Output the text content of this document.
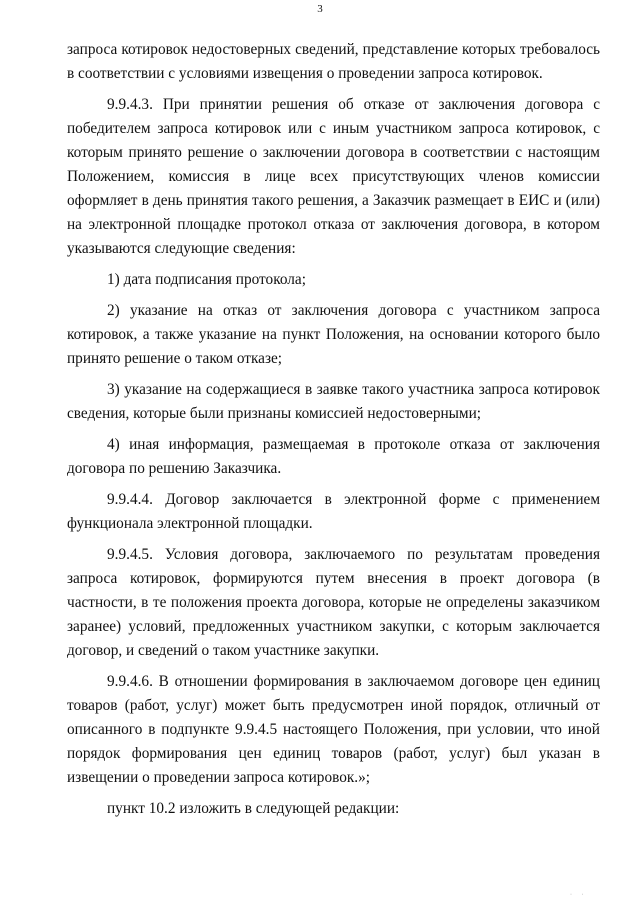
3

запроса котировок недостоверных сведений, представление которых требовалось в соответствии с условиями извещения о проведении запроса котировок.

9.9.4.3. При принятии решения об отказе от заключения договора с победителем запроса котировок или с иным участником запроса котировок, с которым принято решение о заключении договора в соответствии с настоящим Положением, комиссия в лице всех присутствующих членов комиссии оформляет в день принятия такого решения, а Заказчик размещает в ЕИС и (или) на электронной площадке протокол отказа от заключения договора, в котором указываются следующие сведения:

1) дата подписания протокола;

2) указание на отказ от заключения договора с участником запроса котировок, а также указание на пункт Положения, на основании которого было принято решение о таком отказе;

3) указание на содержащиеся в заявке такого участника запроса котировок сведения, которые были признаны комиссией недостоверными;

4) иная информация, размещаемая в протоколе отказа от заключения договора по решению Заказчика.

9.9.4.4. Договор заключается в электронной форме с применением функционала электронной площадки.

9.9.4.5. Условия договора, заключаемого по результатам проведения запроса котировок, формируются путем внесения в проект договора (в частности, в те положения проекта договора, которые не определены заказчиком заранее) условий, предложенных участником закупки, с которым заключается договор, и сведений о таком участнике закупки.

9.9.4.6. В отношении формирования в заключаемом договоре цен единиц товаров (работ, услуг) может быть предусмотрен иной порядок, отличный от описанного в подпункте 9.9.4.5 настоящего Положения, при условии, что иной порядок формирования цен единиц товаров (работ, услуг) был указан в извещении о проведении запроса котировок.»;

пункт 10.2 изложить в следующей редакции:

· ·
